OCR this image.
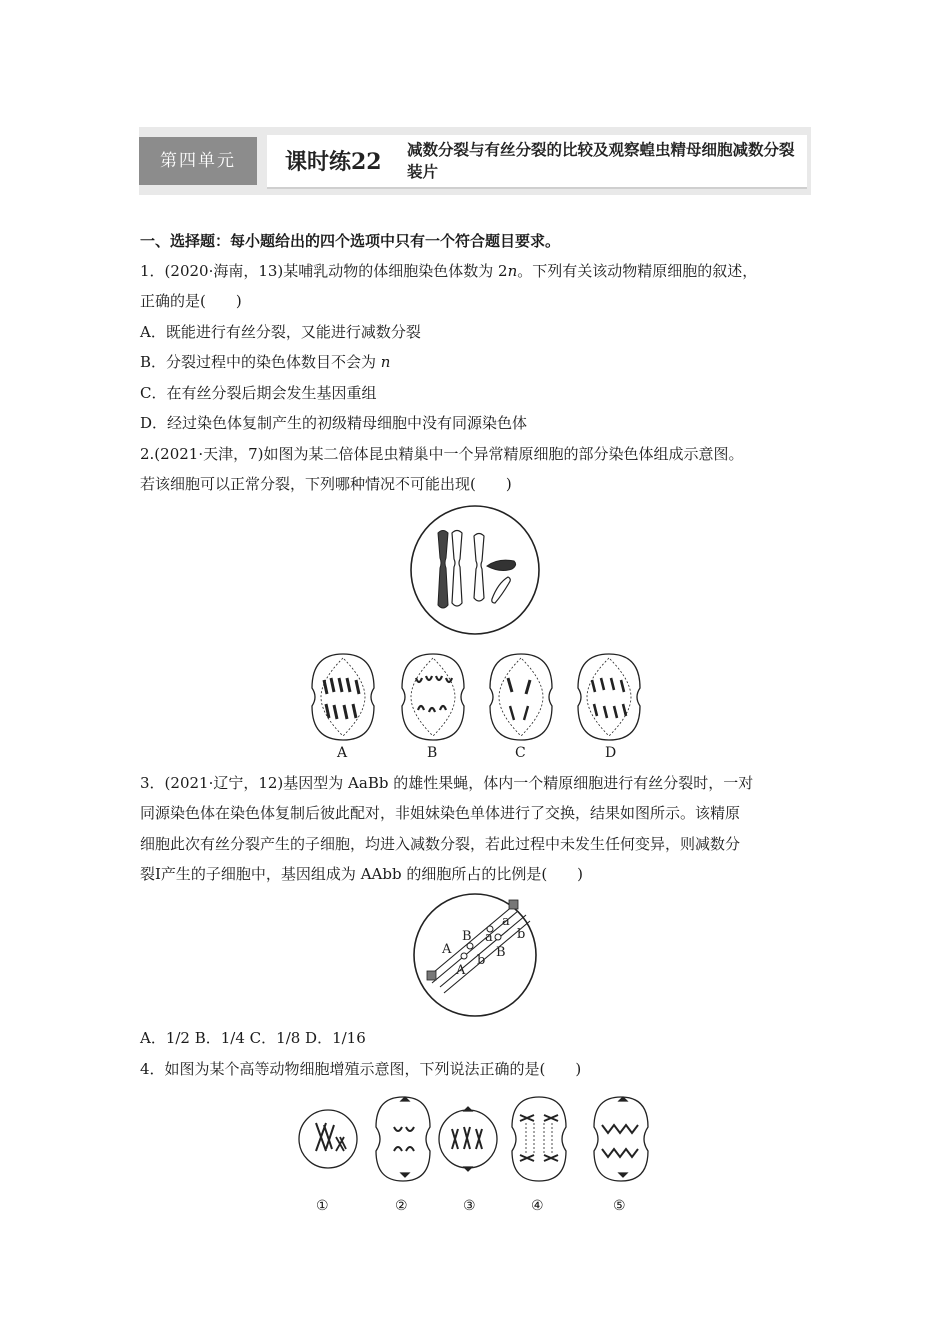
第四单元	课时练22 减数分裂与有丝分裂的比较及观察蝗虫精母细胞减数分裂装片
一、选择题：每小题给出的四个选项中只有一个符合题目要求。
1．(2020·海南，13)某哺乳动物的体细胞染色体数为 2n。下列有关该动物精原细胞的叙述，
正确的是(　　)
A．既能进行有丝分裂，又能进行减数分裂
B．分裂过程中的染色体数目不会为 n
C．在有丝分裂后期会发生基因重组
D．经过染色体复制产生的初级精母细胞中没有同源染色体
2.(2021·天津，7)如图为某二倍体昆虫精巢中一个异常精原细胞的部分染色体组成示意图。
若该细胞可以正常分裂，下列哪种情况不可能出现(　　)
A	B	C	D
3．(2021·辽宁，12)基因型为 AaBb 的雄性果蝇，体内一个精原细胞进行有丝分裂时，一对
同源染色体在染色体复制后彼此配对，非姐妹染色单体进行了交换，结果如图所示。该精原
细胞此次有丝分裂产生的子细胞，均进入减数分裂，若此过程中未发生任何变异，则减数分
裂Ⅰ产生的子细胞中，基因组成为 AAbb 的细胞所占的比例是(　　)
A
A
B
B
a
a b
b
A．1/2 B．1/4 C．1/8 D．1/16
4．如图为某个高等动物细胞增殖示意图，下列说法正确的是(　　)
①	②	③	④	⑤
